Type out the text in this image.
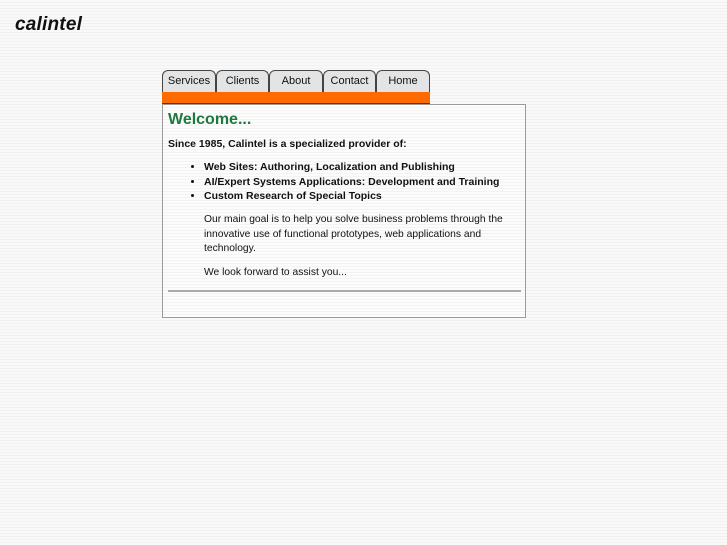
calintel
Services	Clients	About	Contact	Home
Welcome...

Since 1985, Calintel is a specialized provider of:

• Web Sites: Authoring, Localization and Publishing
• AI/Expert Systems Applications: Development and Training
• Custom Research of Special Topics

Our main goal is to help you solve business problems through the innovative use of functional prototypes, web applications and technology.

We look forward to assist you...
